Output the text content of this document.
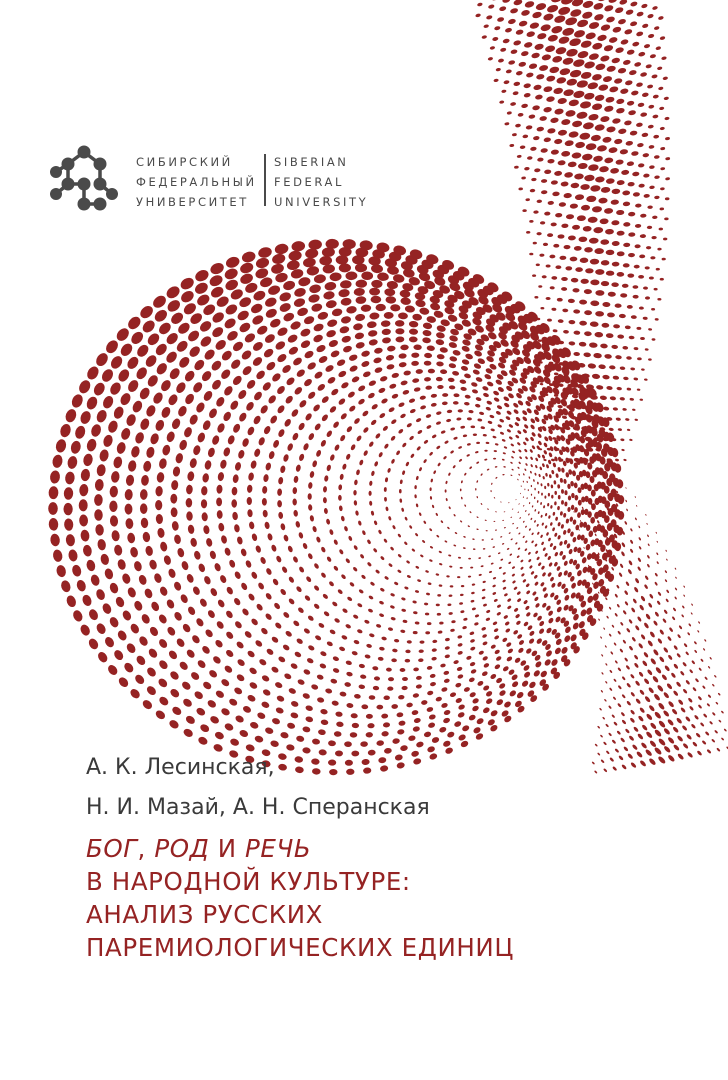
СИБИРСКИЙ
ФЕДЕРАЛЬНЫЙ
УНИВЕРСИТЕТ
SIBERIAN
FEDERAL
UNIVERSITY
А. К. Лесинская,
Н. И. Мазай, А. Н. Сперанская
БОГ, РОД И РЕЧЬ
В НАРОДНОЙ КУЛЬТУРЕ:
АНАЛИЗ РУССКИХ
ПАРЕМИОЛОГИЧЕСКИХ ЕДИНИЦ
